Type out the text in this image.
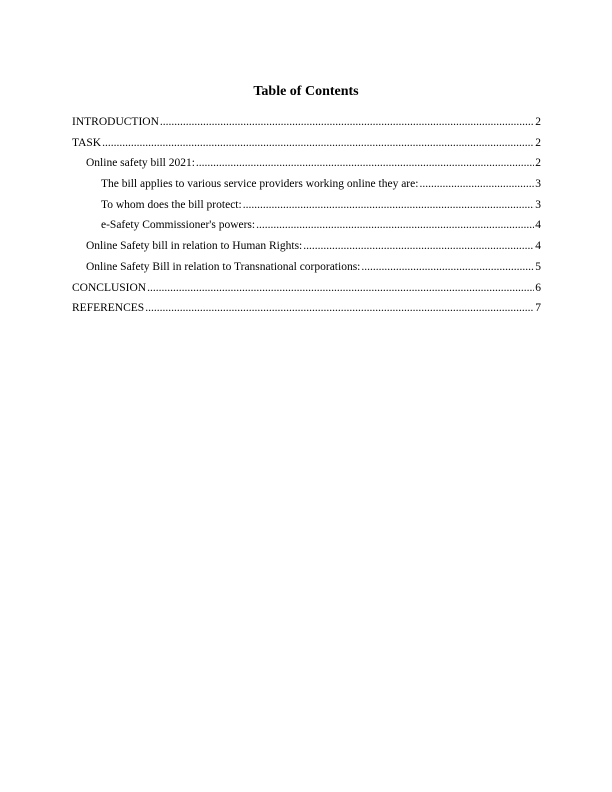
Table of Contents
INTRODUCTION .....	2
TASK .....	2
Online safety bill 2021: .....	2
The bill applies to various service providers working online they are: .....	3
To whom does the bill protect: .....	3
e-Safety Commissioner's powers: .....	4
Online Safety bill in relation to Human Rights: .....	4
Online Safety Bill in relation to Transnational corporations: .....	5
CONCLUSION .....	6
REFERENCES .....	7
